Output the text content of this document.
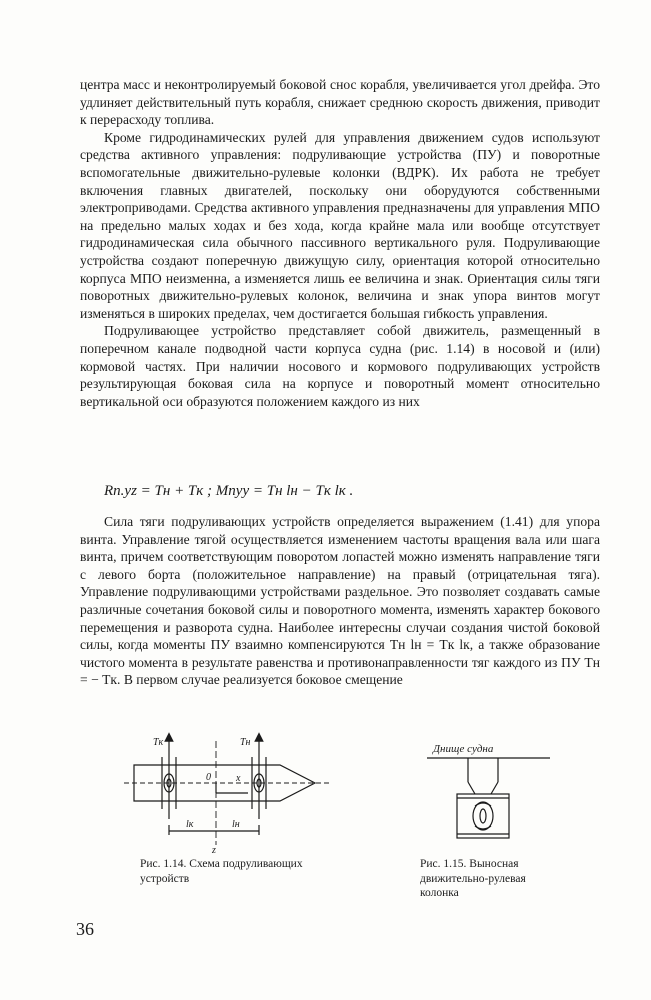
центра масс и неконтролируемый боковой снос корабля, увеличивается угол дрейфа. Это удлиняет действительный путь корабля, снижает среднюю скорость движения, приводит к перерасходу топлива.

Кроме гидродинамических рулей для управления движением судов используют средства активного управления: подруливающие устройства (ПУ) и поворотные вспомогательные движительно-рулевые колонки (ВДРК). Их работа не требует включения главных двигателей, поскольку они оборудуются собственными электроприводами. Средства активного управления предназначены для управления МПО на предельно малых ходах и без хода, когда крайне мала или вообще отсутствует гидродинамическая сила обычного пассивного вертикального руля. Подруливающие устройства создают поперечную движущую силу, ориентация которой относительно корпуса МПО неизменна, а изменяется лишь ее величина и знак. Ориентация силы тяги поворотных движительно-рулевых колонок, величина и знак упора винтов могут изменяться в широких пределах, чем достигается большая гибкость управления.

Подруливающее устройство представляет собой движитель, размещенный в поперечном канале подводной части корпуса судна (рис. 1.14) в носовой и (или) кормовой частях. При наличии носового и кормового подруливающих устройств результирующая боковая сила на корпусе и поворотный момент относительно вертикальной оси образуются положением каждого из них

Rп.yz = Tн + Tк ; Mпyy = Tн lн − Tк lк .

Сила тяги подруливающих устройств определяется выражением (1.41) для упора винта. Управление тягой осуществляется изменением частоты вращения вала или шага винта, причем соответствующим поворотом лопастей можно изменять направление тяги с левого борта (положительное направление) на правый (отрицательная тяга). Управление подруливающими устройствами раздельное. Это позволяет создавать самые различные сочетания боковой силы и поворотного момента, изменять характер бокового перемещения и разворота судна. Наиболее интересны случаи создания чистой боковой силы, когда моменты ПУ взаимно компенсируются Tн lн = Tк lк, а также образование чистого момента в результате равенства и противонаправленности тяг каждого из ПУ Tн = − Tк. В первом случае реализуется боковое смещение

Tк	Tн
0	x
lк	lн
z
Рис. 1.14. Схема подруливающих устройств
Днище судна
Рис. 1.15. Выносная движительно-рулевая колонка
36
